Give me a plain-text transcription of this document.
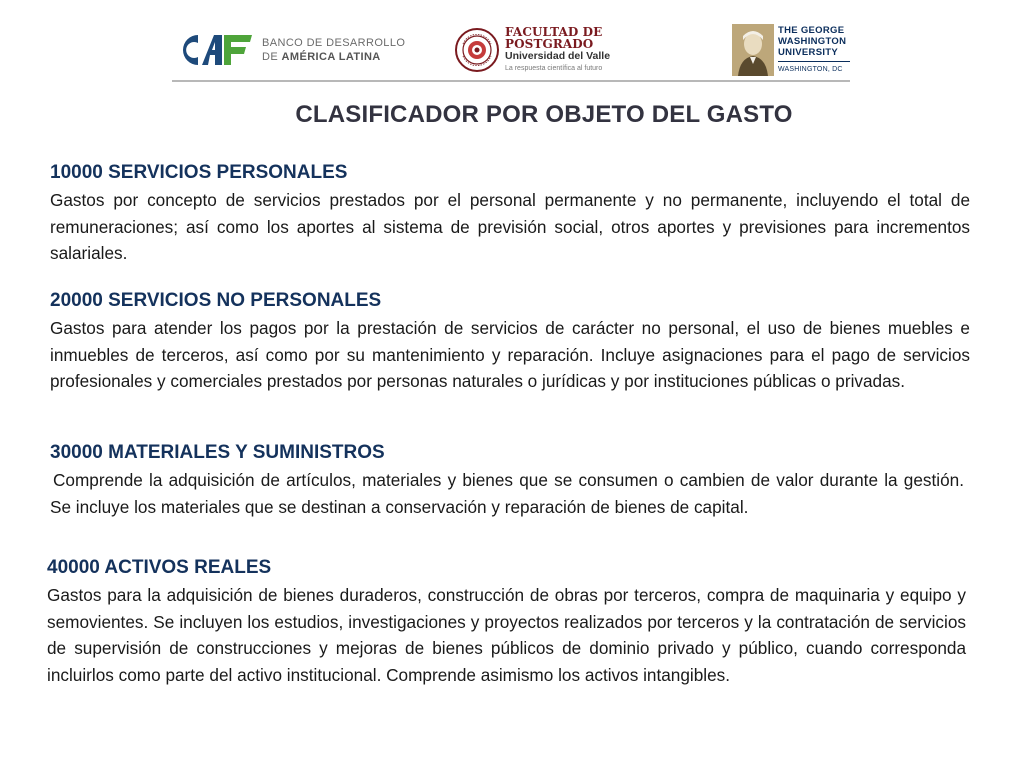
BANCO DE DESARROLLO
DE AMÉRICA LATINA
FACULTAD DE POSTGRADO
Universidad del Valle
La respuesta científica al futuro
THE GEORGE
WASHINGTON
UNIVERSITY
WASHINGTON, DC
CLASIFICADOR POR OBJETO DEL GASTO
10000 SERVICIOS PERSONALES

Gastos por concepto de servicios prestados por el personal permanente y no permanente, incluyendo el total de remuneraciones; así como los aportes al sistema de previsión social, otros aportes y previsiones para incrementos salariales.

20000 SERVICIOS NO PERSONALES

Gastos para atender los pagos por la prestación de servicios de carácter no personal, el uso de bienes muebles e inmuebles de terceros, así como por su mantenimiento y reparación. Incluye asignaciones para el pago de servicios profesionales y comerciales prestados por personas naturales o jurídicas y por instituciones públicas o privadas.

30000 MATERIALES Y SUMINISTROS

Comprende la adquisición de artículos, materiales y bienes que se consumen o cambien de valor durante la gestión. Se incluye los materiales que se destinan a conservación y reparación de bienes de capital.

40000 ACTIVOS REALES

Gastos para la adquisición de bienes duraderos, construcción de obras por terceros, compra de maquinaria y equipo y semovientes. Se incluyen los estudios, investigaciones y proyectos realizados por terceros y la contratación de servicios de supervisión de construcciones y mejoras de bienes públicos de dominio privado y público, cuando corresponda incluirlos como parte del activo institucional. Comprende asimismo los activos intangibles.
